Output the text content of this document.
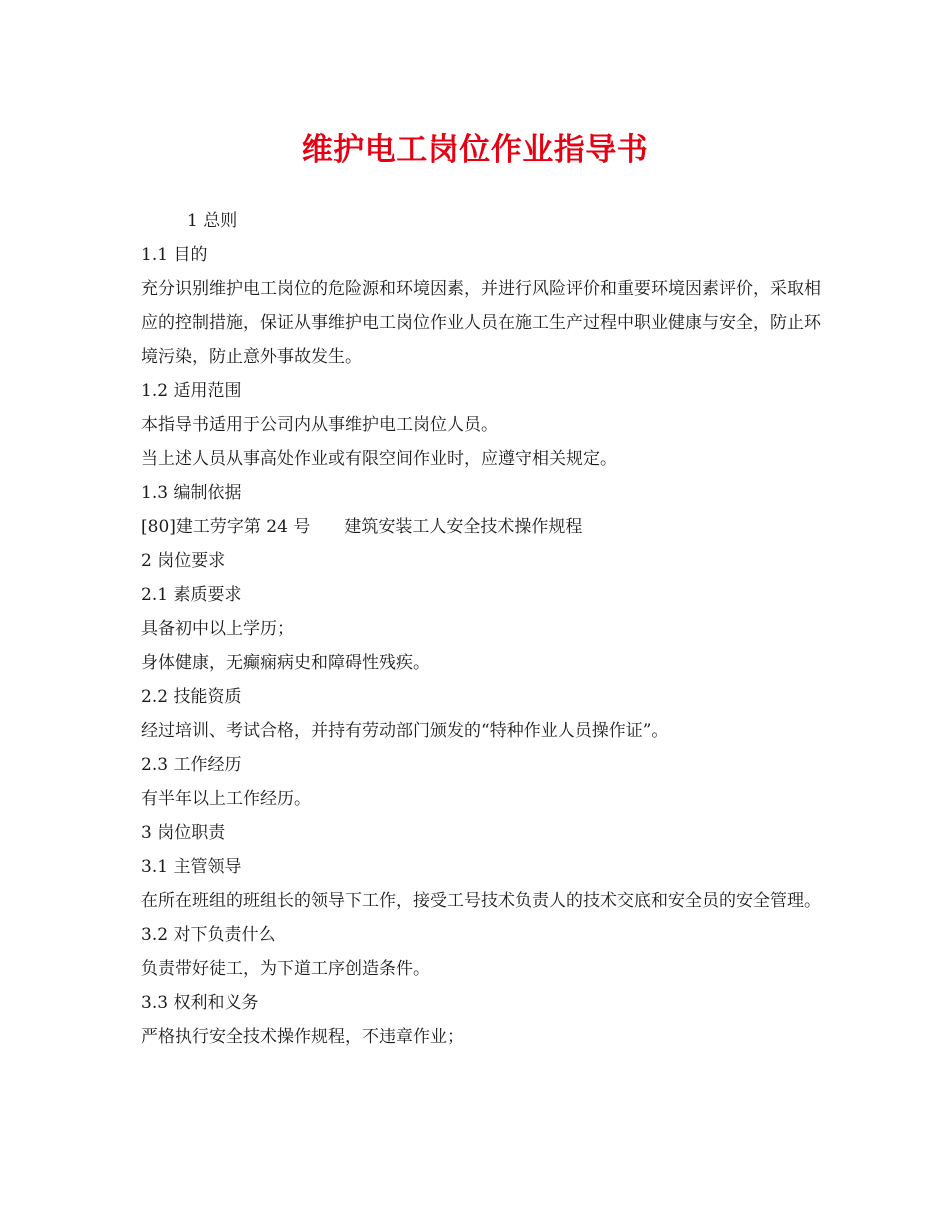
维护电工岗位作业指导书
1 总则
1.1 目的
充分识别维护电工岗位的危险源和环境因素，并进行风险评价和重要环境因素评价，采取相应的控制措施，保证从事维护电工岗位作业人员在施工生产过程中职业健康与安全，防止环境污染，防止意外事故发生。
1.2 适用范围
本指导书适用于公司内从事维护电工岗位人员。
当上述人员从事高处作业或有限空间作业时，应遵守相关规定。
1.3 编制依据
[80]建工劳字第 24 号 建筑安装工人安全技术操作规程
2 岗位要求
2.1 素质要求
具备初中以上学历；
身体健康，无癫痫病史和障碍性残疾。
2.2 技能资质
经过培训、考试合格，并持有劳动部门颁发的“特种作业人员操作证”。
2.3 工作经历
有半年以上工作经历。
3 岗位职责
3.1 主管领导
在所在班组的班组长的领导下工作，接受工号技术负责人的技术交底和安全员的安全管理。
3.2 对下负责什么
负责带好徒工，为下道工序创造条件。
3.3 权利和义务
严格执行安全技术操作规程，不违章作业；
